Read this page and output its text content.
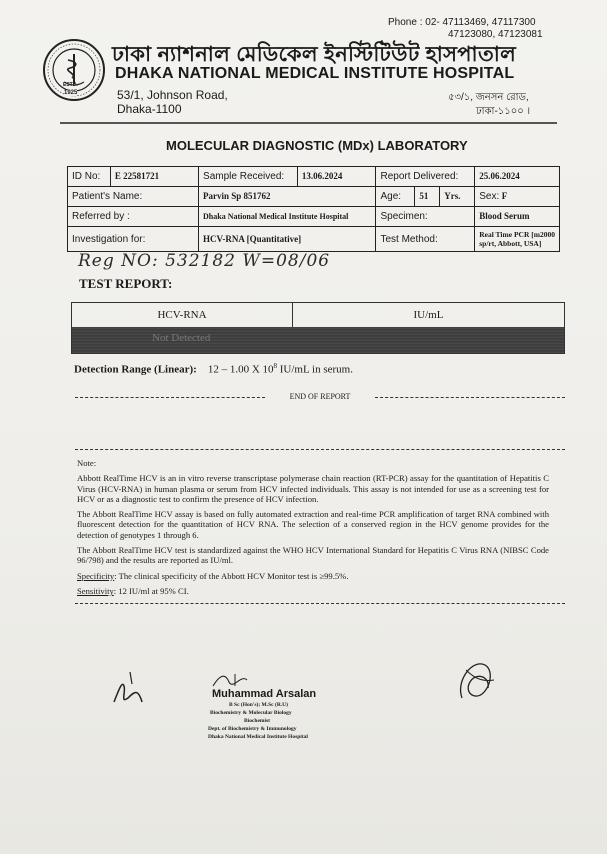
Phone : 02- 47113469, 47117300
47123080, 47123081
ESTD.
1925
ঢাকা ন্যাশনাল মেডিকেল ইনস্টিটিউট হাসপাতাল
DHAKA NATIONAL MEDICAL INSTITUTE HOSPITAL
53/1, Johnson Road,
Dhaka-1100
৫৩/১, জনসন রোড,
ঢাকা-১১০০ ।
MOLECULAR DIAGNOSTIC (MDx) LABORATORY
ID No:	E 22581721	Sample Received:	13.06.2024	Report Delivered:			25.06.2024
Patient's Name:		Parvin Sp 851762		Age:	51	Yrs.	Sex: F
Referred by :		Dhaka National Medical Institute Hospital		Specimen:			Blood Serum
Investigation for:		HCV-RNA [Quantitative]		Test Method:			Real Time PCR [m2000
sp/rt, Abbott, USA]
Reg NO: 532182 W=08/06
TEST REPORT:
HCV-RNA	IU/mL
Not Detected
Detection Range (Linear): 12 – 1.00 X $10^8$ IU/mL in serum.
END OF REPORT

Note:

Abbott RealTime HCV is an in vitro reverse transcriptase polymerase chain reaction (RT-PCR) assay for the quantitation of Hepatitis C Virus (HCV-RNA) in human plasma or serum from HCV infected individuals. This assay is not intended for use as a screening test for HCV or as a diagnostic test to confirm the presence of HCV infection.

The Abbott RealTime HCV assay is based on fully automated extraction and real-time PCR amplification of target RNA combined with fluorescent detection for the quantitation of HCV RNA. The selection of a conserved region in the HCV genome provides for the detection of genotypes 1 through 6.

The Abbott RealTime HCV test is standardized against the WHO HCV International Standard for Hepatitis C Virus RNA (NIBSC Code 96/798) and the results are reported as IU/ml.

Specificity: The clinical specificity of the Abbott HCV Monitor test is ≥99.5%.

Sensitivity: 12 IU/ml at 95% CI.

Muhammad Arsalan
B Sc (Hon's); M.Sc (R.U)
Biochemistry & Molecular Biology
Biochemist
Dept. of Biochemistry & Immunology
Dhaka National Medical Institute Hospital
